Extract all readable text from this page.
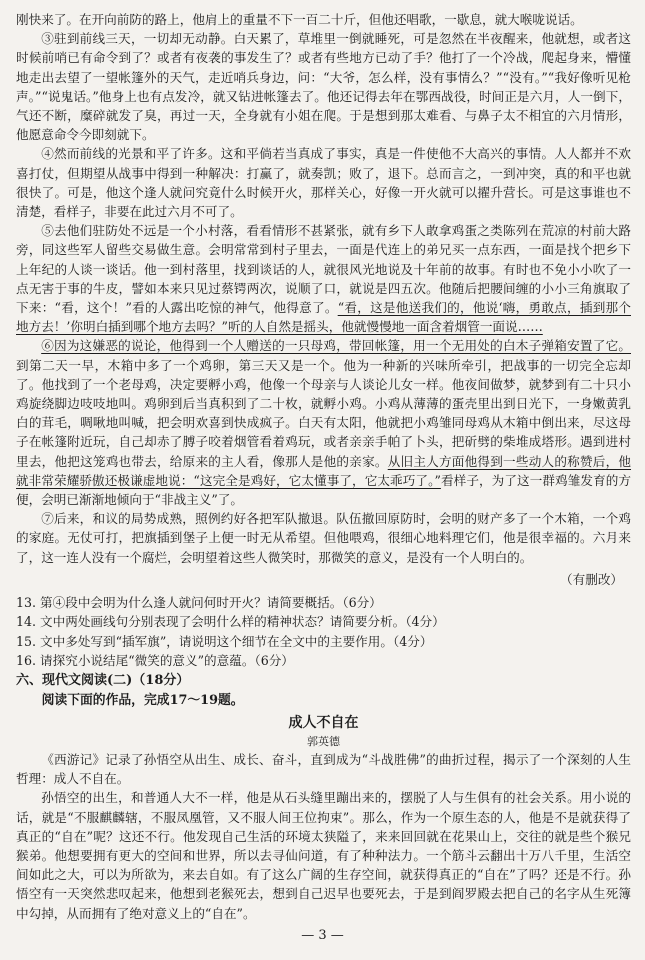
刚快来了。在开向前防的路上，他肩上的重量不下一百二十斤，但他还唱歌，一歇息，就大喉咙说话。

③驻到前线三天，一切却无动静。白天累了，草堆里一倒就睡死，可是忽然在半夜醒来，他就想，或者这时候前哨已有命令到了？或者有夜袭的事发生了？或者有些地方已动了手？他打了一个冷战，爬起身来，懵懂地走出去望了一望帐篷外的天气，走近哨兵身边，问：“大爷，怎么样，没有事情么？”“没有。”“我好像听见枪声。”“说鬼话。”他身上也有点发冷，就又钻进帐篷去了。他还记得去年在鄂西战役，时间正是六月，人一倒下，气还不断，糜碎就发了臭，再过一天，全身就有小姐在爬。于是想到那太难看、与鼻子太不相宜的六月情形，他愿意命令今即刻就下。

④然而前线的光景和平了许多。这和平倘若当真成了事实，真是一件使他不大高兴的事情。人人都并不欢喜打仗，但期望从战事中得到一种解决：打赢了，就奏凯；败了，退下。总而言之，一到冲突，真的和平也就很快了。可是，他这个逢人就问究竟什么时候开火，那样关心，好像一开火就可以擢升营长。可是这事谁也不清楚，看样子，非要在此过六月不可了。

⑤去他们驻防处不远是一个小村落，看看情形不甚紧张，就有乡下人敢拿鸡蛋之类陈列在荒凉的村前大路旁，同这些军人留些交易做生意。会明常常到村子里去，一面是代连上的弟兄买一点东西，一面是找个把乡下上年纪的人谈一谈话。他一到村落里，找到谈话的人，就很风光地说及十年前的故事。有时也不免小小吹了一点无害于事的牛皮，譬如本来只见过蔡锷两次，说顺了口，就说是四五次。他随后把腰间缠的小小三角旗取了下来：“看，这个！”看的人露出吃惊的神气，他得意了。“看，这是他送我们的，他说‘嗨，勇敢点，插到那个地方去！’你明白插到哪个地方去吗？”听的人自然是摇头，他就慢慢地一面含着烟管一面说……

⑥因为这嫌恶的说论，他得到一个人赠送的一只母鸡，带回帐篷，用一个无用处的白木子弹箱安置了它。到第二天一早，木箱中多了一个鸡卵，第三天又是一个。他为一种新的兴味所牵引，把战事的一切完全忘却了。他找到了一个老母鸡，决定要孵小鸡，他像一个母亲与人谈论儿女一样。他夜间做梦，就梦到有二十只小鸡旋绕脚边吱吱地叫。鸡卵到后当真积到了二十枚，就孵小鸡。小鸡从薄薄的蛋壳里出到日光下，一身嫩黄乳白的茸毛，啁啾地叫喊，把会明欢喜到快成疯子。白天有太阳，他就把小鸡雏同母鸡从木箱中倒出来，尽这母子在帐篷附近玩，自己却赤了膊子咬着烟管看着鸡玩，或者亲亲手帕了卜头，把斫劈的柴堆成塔形。遇到进村里去，他把这笼鸡也带去，给原来的主人看，像那人是他的亲家。从旧主人方面他得到一些动人的称赞后，他就非常荣耀骄傲还极谦虚地说：“这完全是鸡好，它太懂事了，它太乖巧了。”看样子，为了这一群鸡雏发育的方便，会明已渐渐地倾向于“非战主义”了。

⑦后来，和议的局势成熟，照例约好各把军队撤退。队伍撤回原防时，会明的财产多了一个木箱，一个鸡的家庭。无仗可打，把旗插到堡子上便一时无从希望。但他喂鸡，很细心地料理它们，他是很幸福的。六月来了，这一连人没有一个腐烂，会明望着这些人微笑时，那微笑的意义，是没有一个人明白的。

（有删改）
13. 第④段中会明为什么逢人就问何时开火？请简要概括。（6分）
14. 文中两处画线句分别表现了会明什么样的精神状态？请简要分析。（4分）
15. 文中多处写到“插军旗”，请说明这个细节在全文中的主要作用。（4分）
16. 请探究小说结尾“微笑的意义”的意蕴。（6分）
六、现代文阅读(二)（18分）
阅读下面的作品，完成17～19题。
成人不自在
郭英德

《西游记》记录了孙悟空从出生、成长、奋斗，直到成为“斗战胜佛”的曲折过程，揭示了一个深刻的人生哲理：成人不自在。

孙悟空的出生，和普通人大不一样，他是从石头缝里蹦出来的，摆脱了人与生俱有的社会关系。用小说的话，就是“不服麒麟辖，不服凤凰管，又不服人间王位拘束”。那么，作为一个原生态的人，他是不是就获得了真正的“自在”呢？这还不行。他发现自己生活的环境太狭隘了，来来回回就在花果山上，交往的就是些个猴兄猴弟。他想要拥有更大的空间和世界，所以去寻仙问道，有了种种法力。一个筋斗云翻出十万八千里，生活空间如此之大，可以为所欲为，来去自如。有了这么广阔的生存空间，就获得真正的“自在”了吗？还是不行。孙悟空有一天突然悲叹起来，他想到老猴死去，想到自己迟早也要死去，于是到阎罗殿去把自己的名字从生死簿中勾掉，从而拥有了绝对意义上的“自在”。

— 3 —
